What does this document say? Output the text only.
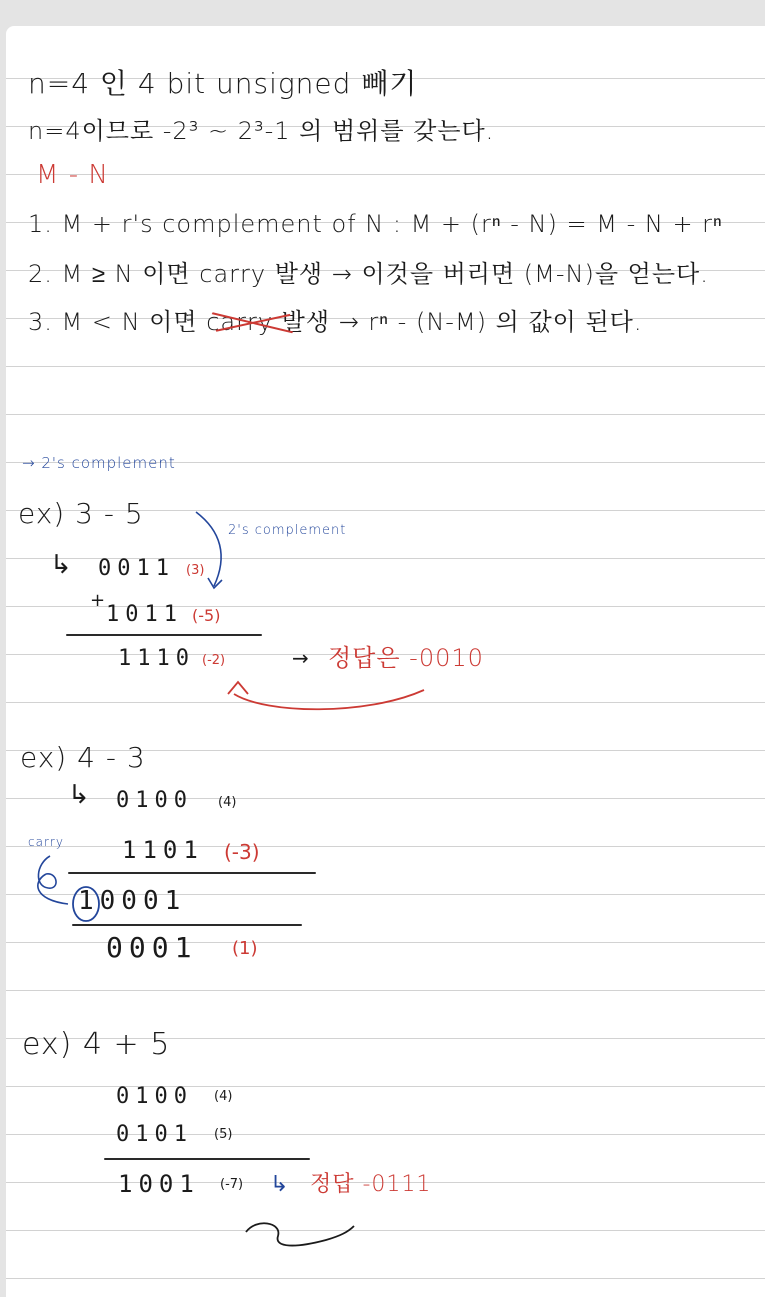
n=4 인 4 bit unsigned 빼기
n=4이므로 -2³ ~ 2³-1 의 범위를 갖는다.
M - N
1. M + r's complement of N : M + (rⁿ - N) = M - N + rⁿ
2. M ≥ N 이면 carry 발생 → 이것을 버리면 (M-N)을 얻는다.
3. M < N 이면 carry 발생 → rⁿ - (N-M) 의 값이 된다.
→ 2's complement
ex) 3 - 5
2's complement
↳ 0011 (3)
+
1011 (-5)
1110 (-2)	→ 정답은 -0010
ex) 4 - 3
↳ 0100 (4)
carry 1101 (-3)
10001
0001 (1)
ex) 4 + 5
0100 (4)
0101 (5)
1001 (-7) ↳ 정답 -0111
